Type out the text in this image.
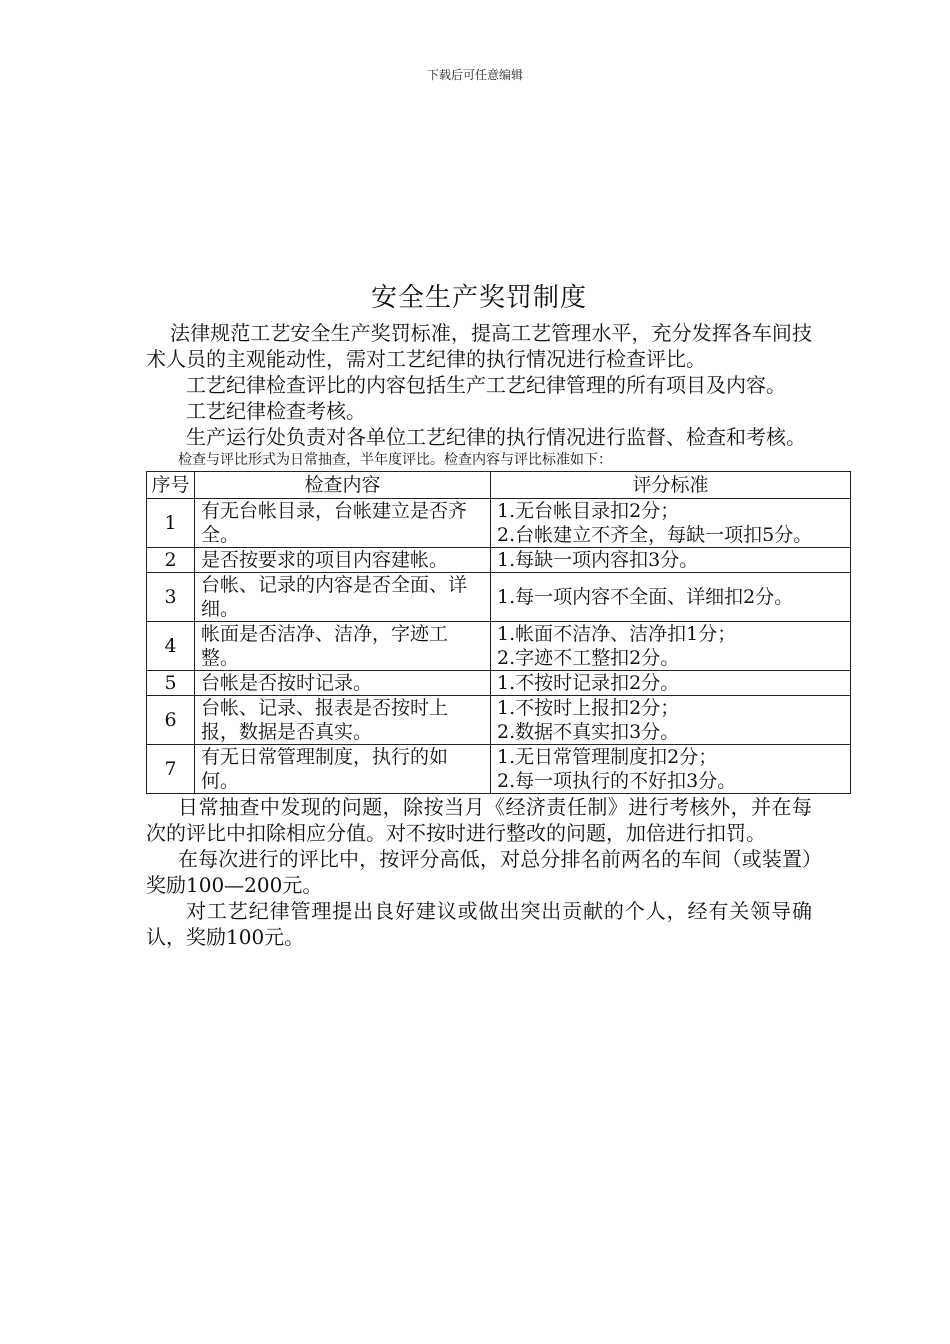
下载后可任意编辑
安全生产奖罚制度

法律规范工艺安全生产奖罚标准，提高工艺管理水平，充分发挥各车间技术人员的主观能动性，需对工艺纪律的执行情况进行检查评比。

工艺纪律检查评比的内容包括生产工艺纪律管理的所有项目及内容。

工艺纪律检查考核。

生产运行处负责对各单位工艺纪律的执行情况进行监督、检查和考核。

检查与评比形式为日常抽查，半年度评比。检查内容与评比标准如下：

序号	检查内容	评分标准
1	有无台帐目录，台帐建立是否齐全。	1.无台帐目录扣2分；
2.台帐建立不齐全，每缺一项扣5分。

2	是否按要求的项目内容建帐。	1.每缺一项内容扣3分。

3	台帐、记录的内容是否全面、详细。	1.每一项内容不全面、详细扣2分。

4	帐面是否洁净、洁净，字迹工整。	1.帐面不洁净、洁净扣1分；
2.字迹不工整扣2分。

5	台帐是否按时记录。	1.不按时记录扣2分。

6	台帐、记录、报表是否按时上报，数据是否真实。	1.不按时上报扣2分；
2.数据不真实扣3分。

7	有无日常管理制度，执行的如何。	1.无日常管理制度扣2分；
2.每一项执行的不好扣3分。

日常抽查中发现的问题，除按当月《经济责任制》进行考核外，并在每次的评比中扣除相应分值。对不按时进行整改的问题，加倍进行扣罚。

在每次进行的评比中，按评分高低，对总分排名前两名的车间（或装置）奖励100—200元。

对工艺纪律管理提出良好建议或做出突出贡献的个人，经有关领导确认，奖励100元。
